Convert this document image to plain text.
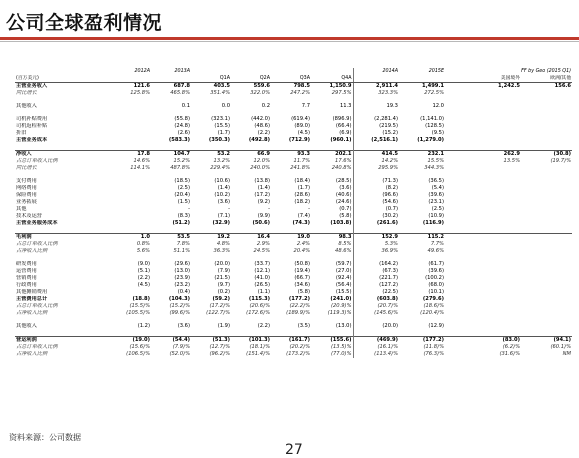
公司全球盈利情况
	2012A	2013A					2014A	2015E		FF by Geo (2015 Q1)	
(百万美元)			Q1A	Q2A	Q3A	Q4A				美国境外	欧洲/其他
主营业务收入	121.6	687.8	403.5	559.6	798.5	1,150.9	2,911.4	1,499.1		1,242.5	156.6
同比增长	125.8%	465.8%	351.4%	322.0%	247.2%	297.5%	323.3%	272.5%			

其他收入		0.1	0.0	0.2	7.7	11.3	19.3	12.0			

司机补贴费用		(55.8)	(323.1)	(442.0)	(619.4)	(896.9)	(2,281.4)	(1,141.0)			
司机返程补贴		(24.8)	(15.5)	(48.6)	(89.0)	(66.4)	(219.5)	(128.5)			
折旧		(2.6)	(1.7)	(2.2)	(4.5)	(6.9)	(15.2)	(9.5)			
主营业务成本		(583.3)	(350.3)	(492.8)	(712.9)	(960.1)	(2,516.1)	(1,279.0)			

净收入	17.8	104.7	53.2	66.9	93.3	202.1	414.5	232.1		262.9	(30.8)
占总订单收入比例	14.6%	15.2%	13.2%	12.0%	11.7%	17.6%	14.2%	15.5%		13.5%	(19.7)%
同比增长	114.1%	487.8%	229.4%	240.0%	241.8%	240.8%	295.9%	344.3%			

支付费用		(18.5)	(10.6)	(13.8)	(18.4)	(28.5)	(71.3)	(36.5)			
网络费用		(2.5)	(1.4)	(1.4)	(1.7)	(3.6)	(8.2)	(5.4)			
保险费用		(20.4)	(10.2)	(17.2)	(28.6)	(40.6)	(96.6)	(39.6)			
业务拓展		(1.5)	(3.6)	(9.2)	(18.2)	(24.6)	(54.6)	(23.1)			
其他		-	-	-	-	(0.7)	(0.7)	(2.5)			
技术及运营		(8.3)	(7.1)	(9.9)	(7.4)	(5.8)	(30.2)	(10.9)			
主营业务服务成本		(51.2)	(32.9)	(50.6)	(74.3)	(103.8)	(261.6)	(116.9)			

毛利润	1.0	53.5	19.2	16.4	19.0	98.3	152.9	115.2			
占总订单收入比例	0.8%	7.8%	4.8%	2.9%	2.4%	8.5%	5.3%	7.7%			
占净收入比例	5.6%	51.1%	36.3%	24.5%	20.4%	48.6%	36.9%	49.6%			

研发费用	(9.0)	(29.6)	(20.0)	(33.7)	(50.8)	(59.7)	(164.2)	(61.7)			
运营费用	(5.1)	(13.0)	(7.9)	(12.1)	(19.4)	(27.0)	(67.3)	(39.6)			
营销费用	(2.2)	(23.9)	(21.5)	(41.0)	(66.7)	(92.4)	(221.7)	(100.2)			
行政费用	(4.5)	(23.2)	(9.7)	(26.5)	(34.6)	(56.4)	(127.2)	(68.0)			
其他摊销费用		(0.4)	(0.2)	(1.1)	(5.8)	(15.5)	(22.5)	(10.1)			
主营费用总计	(18.8)	(104.3)	(59.2)	(115.3)	(177.2)	(241.0)	(603.8)	(279.6)			
占总订单收入比例	(15.5)%	(15.2)%	(17.2)%	(20.6)%	(22.2)%	(20.9)%	(20.7)%	(18.6)%			
占净收入比例	(105.5)%	(99.6)%	(122.7)%	(172.6)%	(189.9)%	(119.3)%	(145.6)%	(120.4)%			

其他收入	(1.2)	(3.6)	(1.9)	(2.2)	(3.5)	(13.0)	(20.0)	(12.9)			

营运利润	(19.0)	(54.4)	(51.3)	(101.3)	(161.7)	(155.6)	(469.9)	(177.2)		(83.0)	(94.1)
占总订单收入比例	(15.6)%	(7.9)%	(12.7)%	(18.1)%	(20.2)%	(13.5)%	(16.1)%	(11.8)%		(6.2)%	(60.1)%
占净收入比例	(106.5)%	(52.0)%	(96.2)%	(151.4)%	(173.2)%	(77.0)%	(113.4)%	(76.3)%		(31.6)%	NM
资料来源：公司数据
27
